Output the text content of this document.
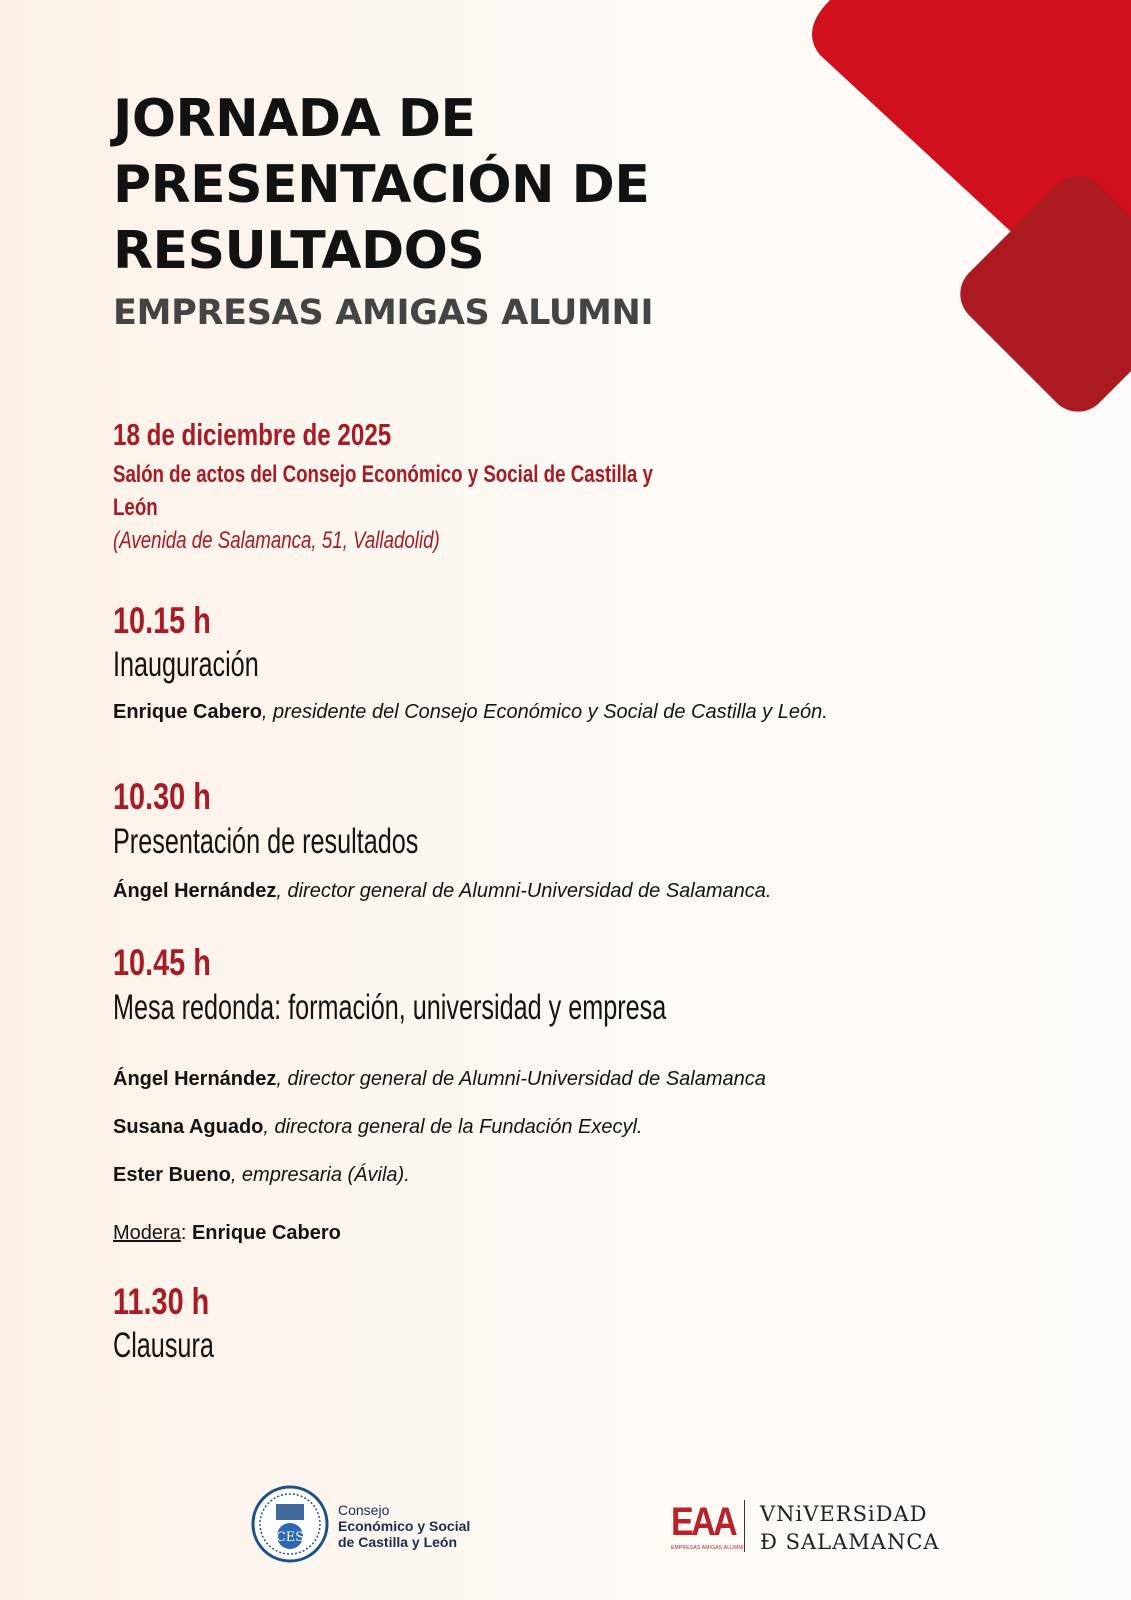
JORNADA DE
PRESENTACIÓN DE
RESULTADOS
EMPRESAS AMIGAS ALUMNI
18 de diciembre de 2025
Salón de actos del Consejo Económico y Social de Castilla y
León
(Avenida de Salamanca, 51, Valladolid)
10.15 h
Inauguración
Enrique Cabero, presidente del Consejo Económico y Social de Castilla y León.
10.30 h
Presentación de resultados
Ángel Hernández, director general de Alumni-Universidad de Salamanca.
10.45 h
Mesa redonda: formación, universidad y empresa
Ángel Hernández, director general de Alumni-Universidad de Salamanca
Susana Aguado, directora general de la Fundación Execyl.
Ester Bueno, empresaria (Ávila).
Modera: Enrique Cabero
11.30 h
Clausura
CES
Consejo
Económico y Social
de Castilla y León	EAA
EMPRESAS AMIGAS ALUMNI
VNiVERSiDAD
Ð SALAMANCA
